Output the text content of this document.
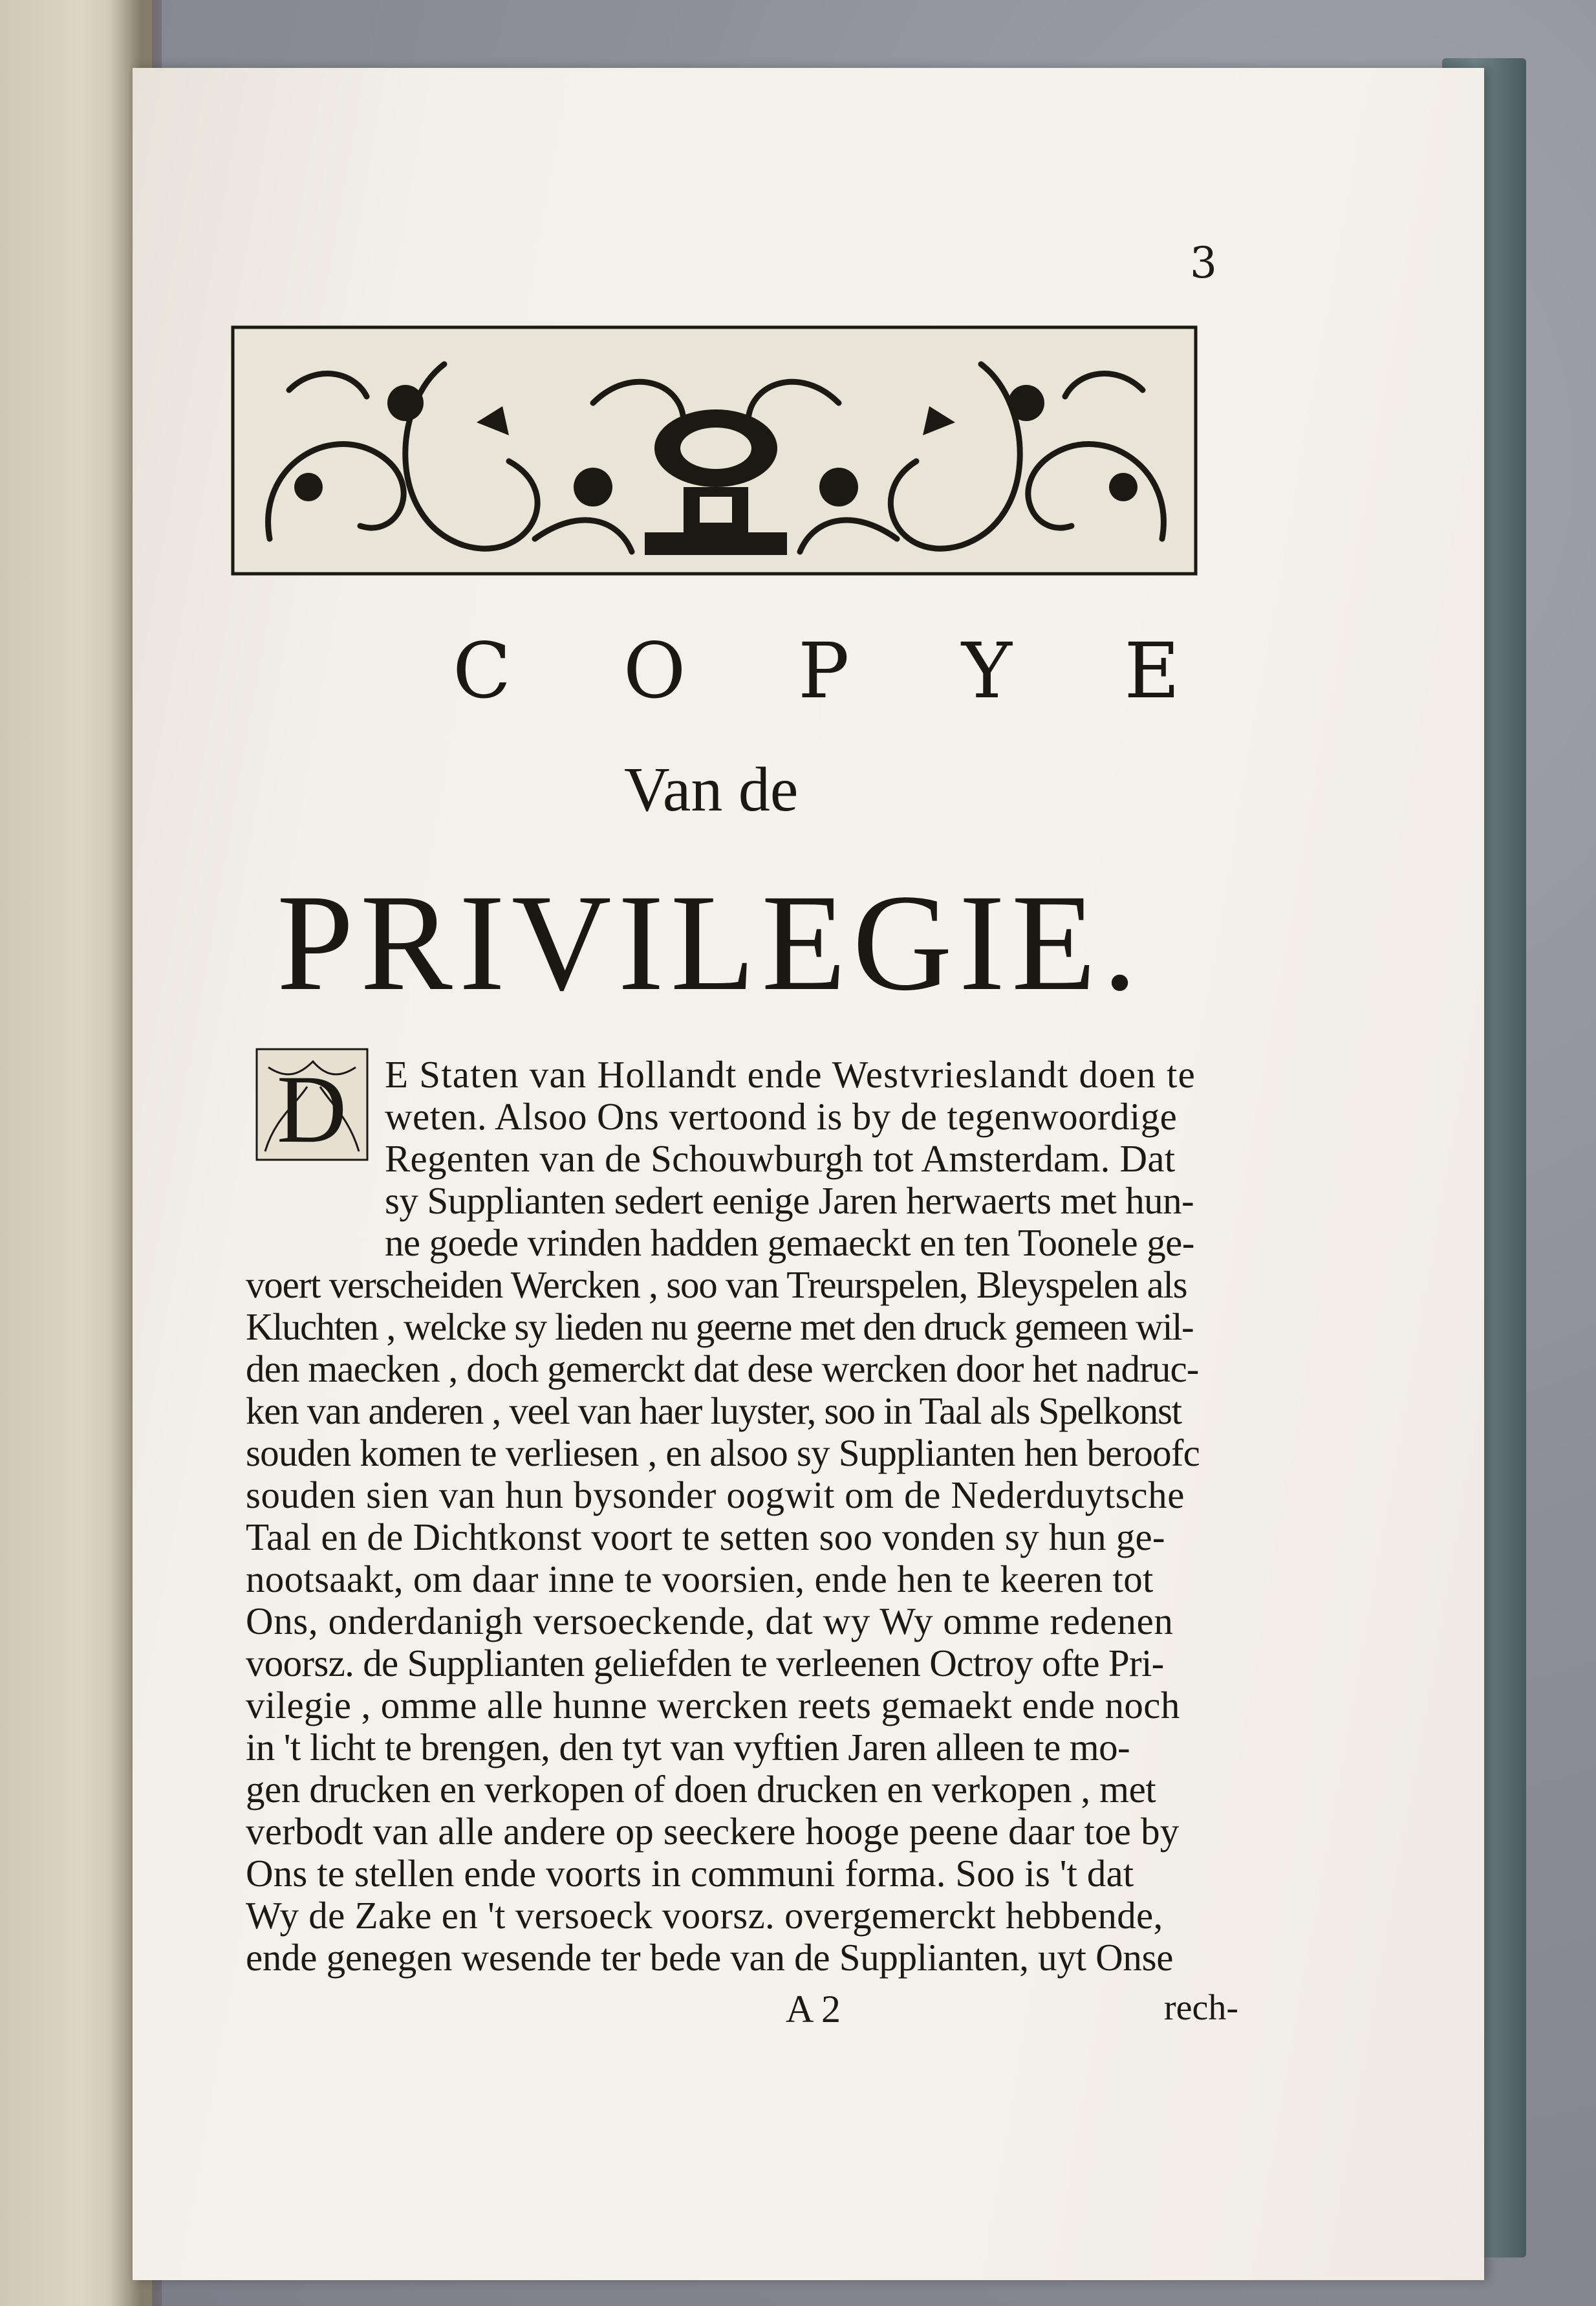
3
C O P Y E
Van de
PRIVILEGIE.
D E Staten van Hollandt ende Westvrieslandt doen te
weten. Alsoo Ons vertoond is by de tegenwoordige
Regenten van de Schouwburgh tot Amsterdam. Dat
sy Supplianten sedert eenige Jaren herwaerts met hun-
ne goede vrinden hadden gemaeckt en ten Toonele ge-
voert verscheiden Wercken , soo van Treurspelen, Bleyspelen als
Kluchten , welcke sy lieden nu geerne met den druck gemeen wil-
den maecken , doch gemerckt dat dese wercken door het nadruc-
ken van anderen , veel van haer luyster, soo in Taal als Spelkonst
souden komen te verliesen , en alsoo sy Supplianten hen beroofc
souden sien van hun bysonder oogwit om de Nederduytsche
Taal en de Dichtkonst voort te setten soo vonden sy hun ge-
nootsaakt, om daar inne te voorsien, ende hen te keeren tot
Ons, onderdanigh versoeckende, dat wy Wy omme redenen
voorsz. de Supplianten geliefden te verleenen Octroy ofte Pri-
vilegie , omme alle hunne wercken reets gemaekt ende noch
in 't licht te brengen, den tyt van vyftien Jaren alleen te mo-
gen drucken en verkopen of doen drucken en verkopen , met
verbodt van alle andere op seeckere hooge peene daar toe by
Ons te stellen ende voorts in communi forma. Soo is 't dat
Wy de Zake en 't versoeck voorsz. overgemerckt hebbende,
ende genegen wesende ter bede van de Supplianten, uyt Onse
A 2	rech-
